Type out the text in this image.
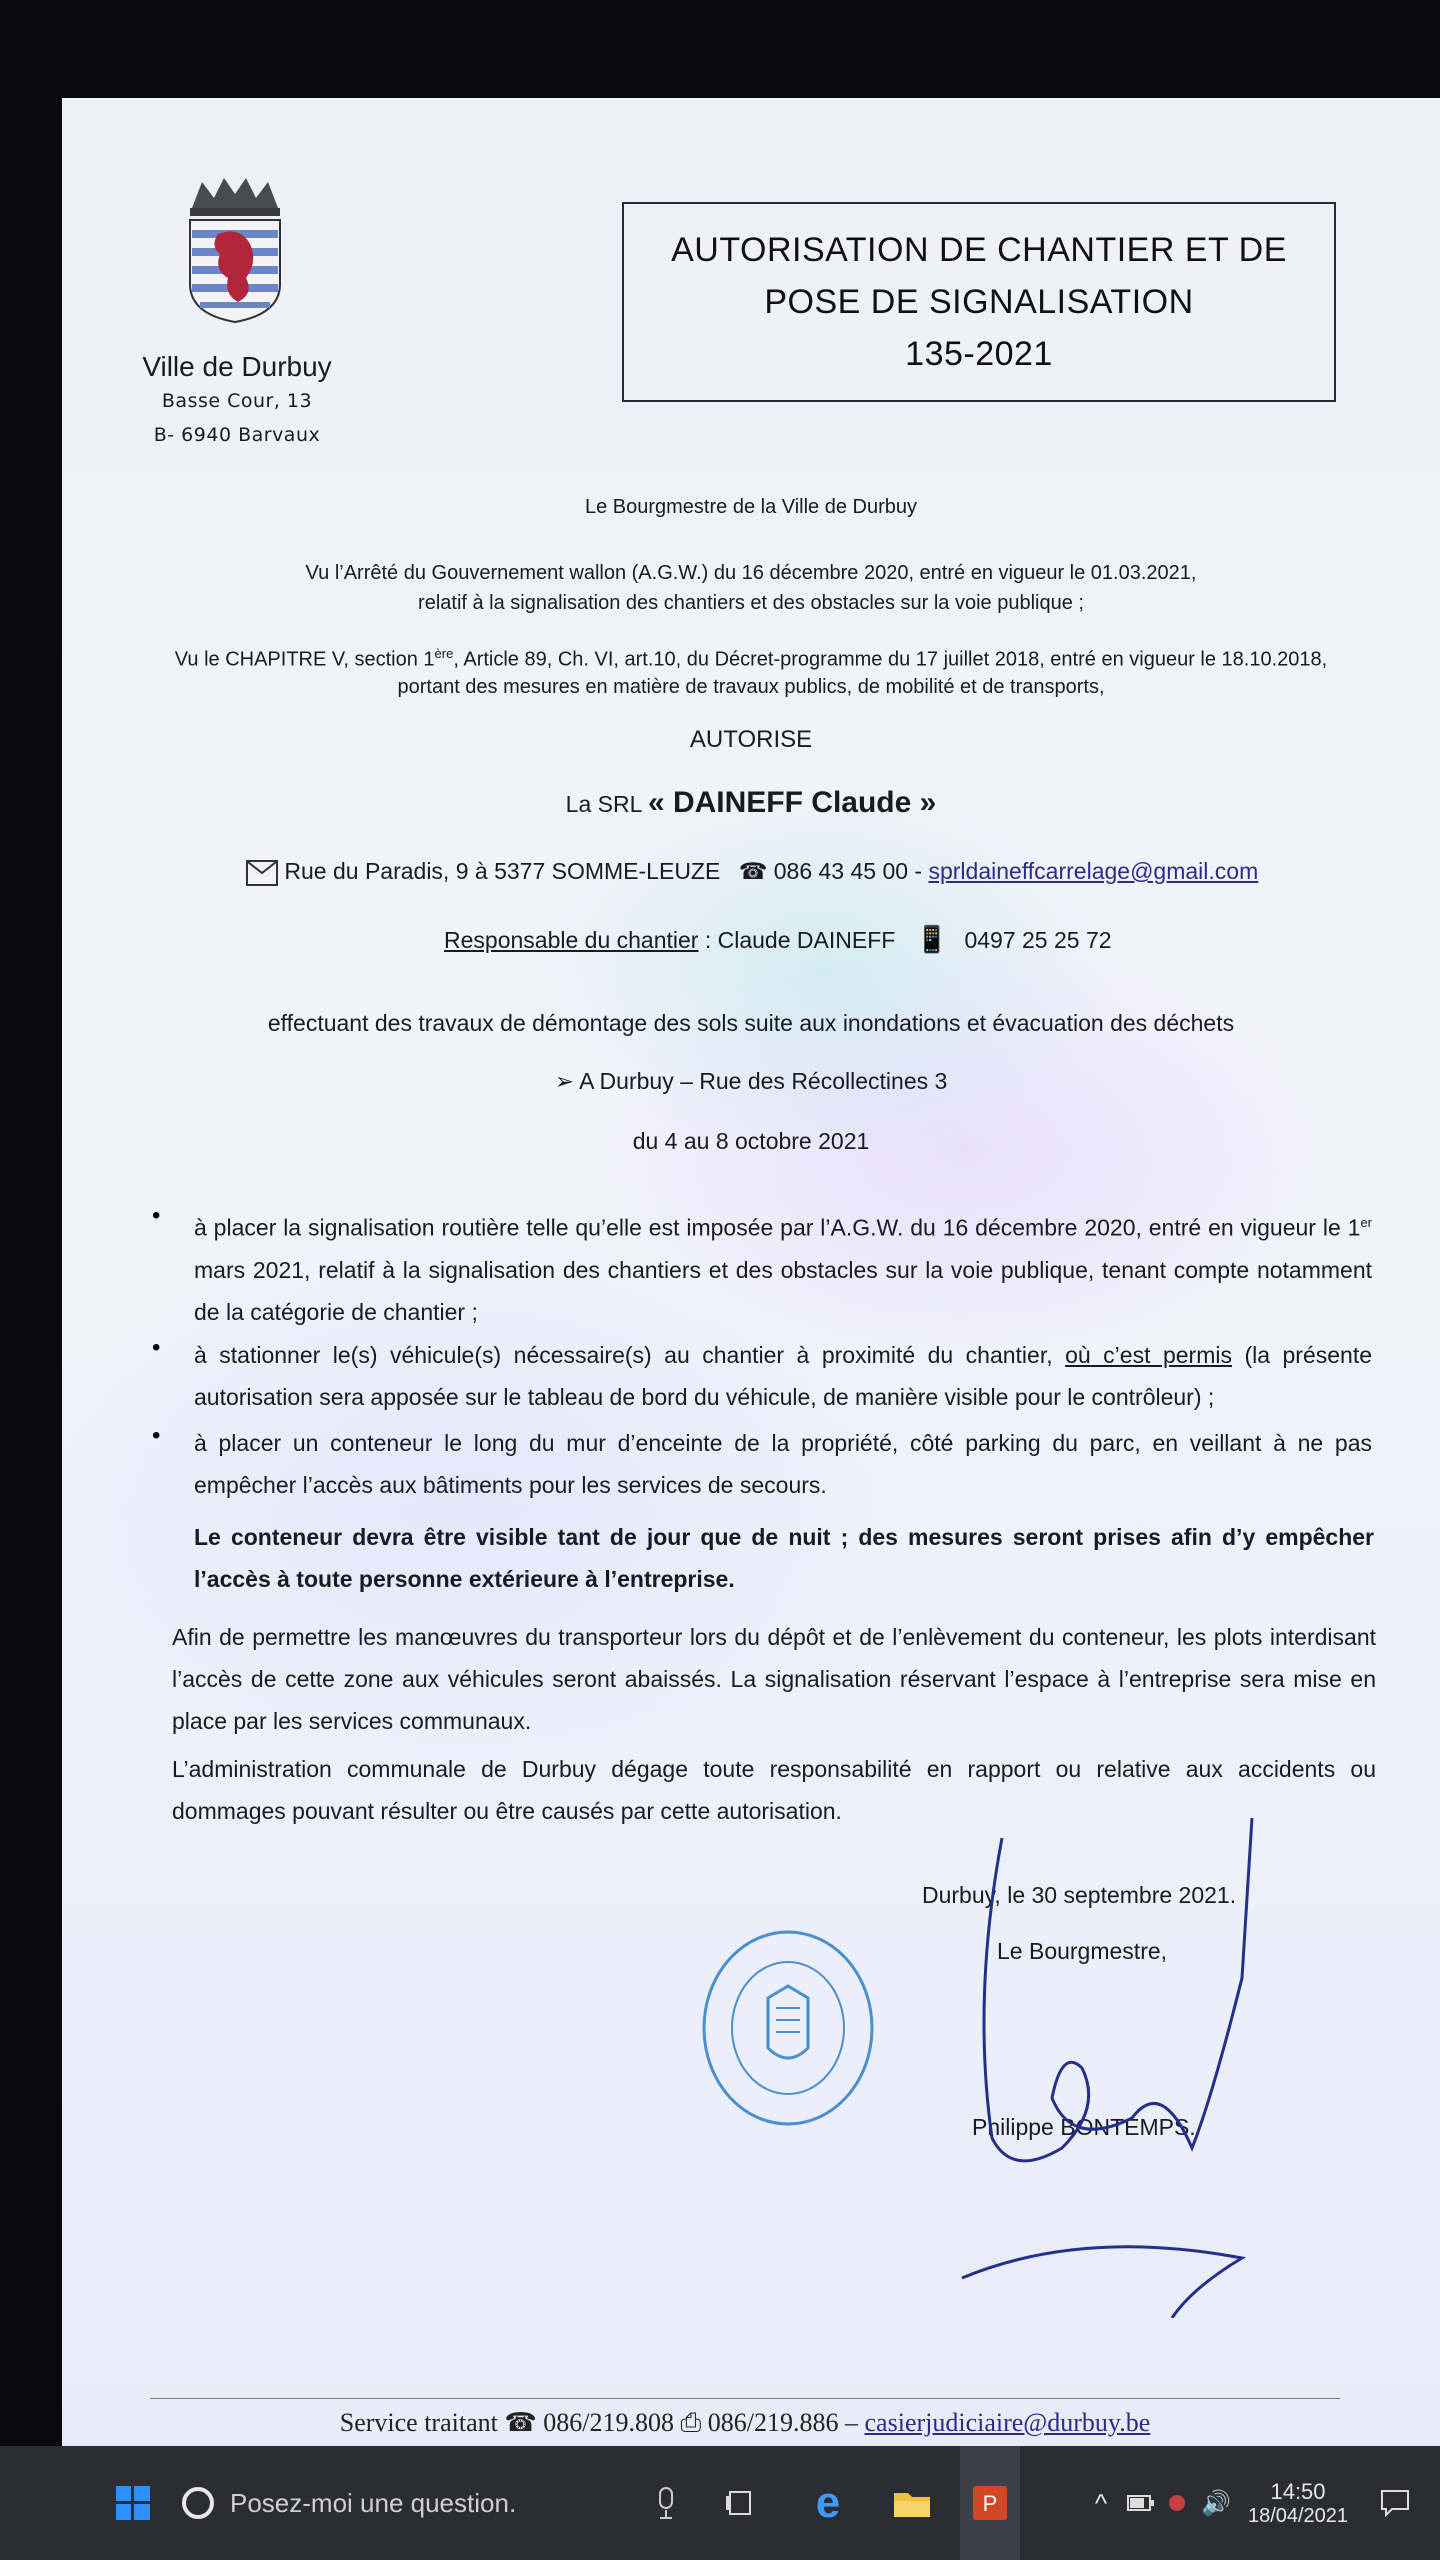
Ville de Durbuy
Basse Cour, 13
B- 6940 Barvaux
AUTORISATION DE CHANTIER ET DE
POSE DE SIGNALISATION
135-2021
Le Bourgmestre de la Ville de Durbuy
Vu l’Arrêté du Gouvernement wallon (A.G.W.) du 16 décembre 2020, entré en vigueur le 01.03.2021,
relatif à la signalisation des chantiers et des obstacles sur la voie publique ;
Vu le CHAPITRE V, section 1ère, Article 89, Ch. VI, art.10, du Décret-programme du 17 juillet 2018, entré en vigueur le 18.10.2018,
portant des mesures en matière de travaux publics, de mobilité et de transports,
AUTORISE
La SRL « DAINEFF Claude »
Rue du Paradis, 9 à 5377 SOMME-LEUZE ☎ 086 43 45 00 - sprldaineffcarrelage@gmail.com
Responsable du chantier : Claude DAINEFF 📱 0497 25 25 72
effectuant des travaux de démontage des sols suite aux inondations et évacuation des déchets
➢ A Durbuy – Rue des Récollectines 3
du 4 au 8 octobre 2021
• à placer la signalisation routière telle qu’elle est imposée par l’A.G.W. du 16 décembre 2020, entré en vigueur le 1er mars 2021, relatif à la signalisation des chantiers et des obstacles sur la voie publique, tenant compte notamment de la catégorie de chantier ;
• à stationner le(s) véhicule(s) nécessaire(s) au chantier à proximité du chantier, où c’est permis (la présente autorisation sera apposée sur le tableau de bord du véhicule, de manière visible pour le contrôleur) ;
• à placer un conteneur le long du mur d’enceinte de la propriété, côté parking du parc, en veillant à ne pas empêcher l’accès aux bâtiments pour les services de secours.
Le conteneur devra être visible tant de jour que de nuit ; des mesures seront prises afin d’y empêcher l’accès à toute personne extérieure à l’entreprise.
Afin de permettre les manœuvres du transporteur lors du dépôt et de l’enlèvement du conteneur, les plots interdisant l’accès de cette zone aux véhicules seront abaissés. La signalisation réservant l’espace à l’entreprise sera mise en place par les services communaux.
L’administration communale de Durbuy dégage toute responsabilité en rapport ou relative aux accidents ou dommages pouvant résulter ou être causés par cette autorisation.
Durbuy, le 30 septembre 2021.
Le Bourgmestre,
Philippe BONTEMPS.
Service traitant ☎ 086/219.808 ⎙ 086/219.886 – casierjudiciaire@durbuy.be
Posez-moi une question.	e	P	^	🔊 14:50
18/04/2021
